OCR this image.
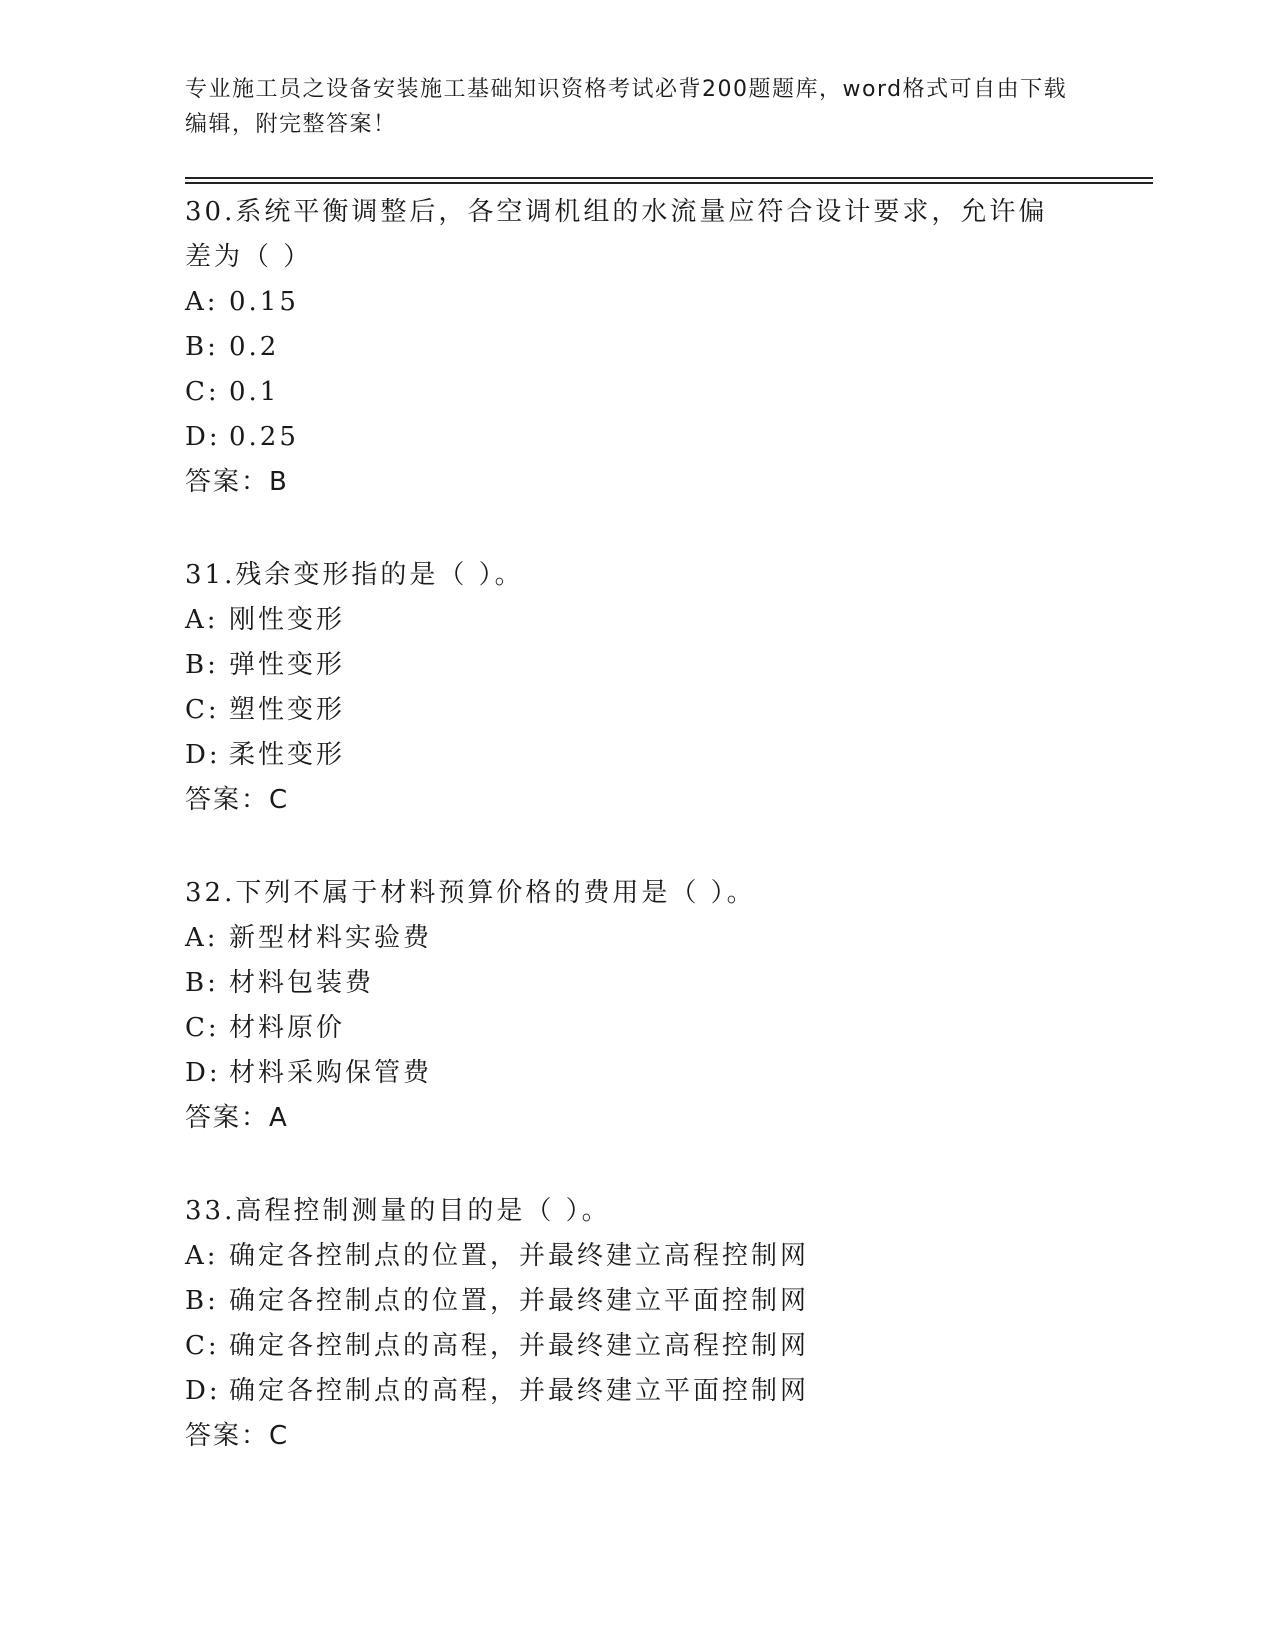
专业施工员之设备安装施工基础知识资格考试必背200题题库，word格式可自由下载编辑，附完整答案！

30.系统平衡调整后，各空调机组的水流量应符合设计要求，允许偏差为（ ）

A: 0.15

B: 0.2

C: 0.1

D: 0.25

答案：B

31.残余变形指的是（ ）。

A: 刚性变形

B: 弹性变形

C: 塑性变形

D: 柔性变形

答案：C

32.下列不属于材料预算价格的费用是（ ）。

A: 新型材料实验费

B: 材料包装费

C: 材料原价

D: 材料采购保管费

答案：A

33.高程控制测量的目的是（ ）。

A: 确定各控制点的位置，并最终建立高程控制网

B: 确定各控制点的位置，并最终建立平面控制网

C: 确定各控制点的高程，并最终建立高程控制网

D: 确定各控制点的高程，并最终建立平面控制网

答案：C
